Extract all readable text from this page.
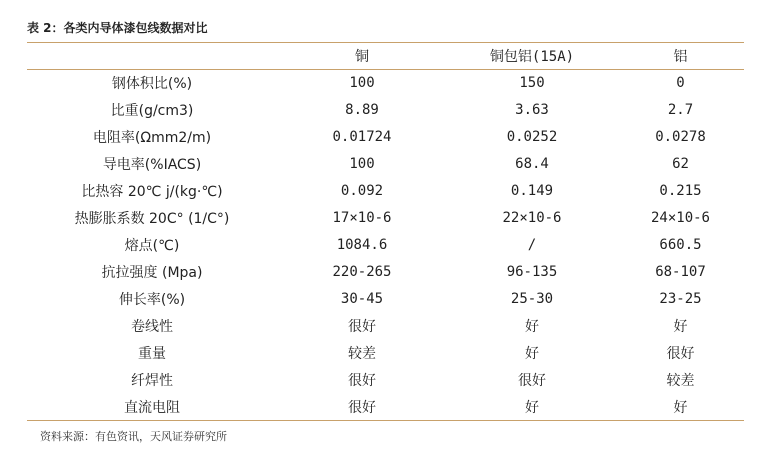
表 2：各类内导体漆包线数据对比
	铜	铜包铝(15A)	铝
钢体积比(%)	100	150	0
比重(g/cm3)	8.89	3.63	2.7
电阻率(Ωmm2/m)	0.01724	0.0252	0.0278
导电率(%IACS)	100	68.4	62
比热容 20℃ j/(kg·℃)	0.092	0.149	0.215
热膨胀系数 20C° (1/C°)	17×10-6	22×10-6	24×10-6
熔点(℃)	1084.6	/	660.5
抗拉强度 (Mpa)	220-265	96-135	68-107
伸长率(%)	30-45	25-30	23-25
卷线性	很好	好	好
重量	较差	好	很好
纤焊性	很好	很好	较差
直流电阻	很好	好	好
资料来源：有色资讯，天风证券研究所
